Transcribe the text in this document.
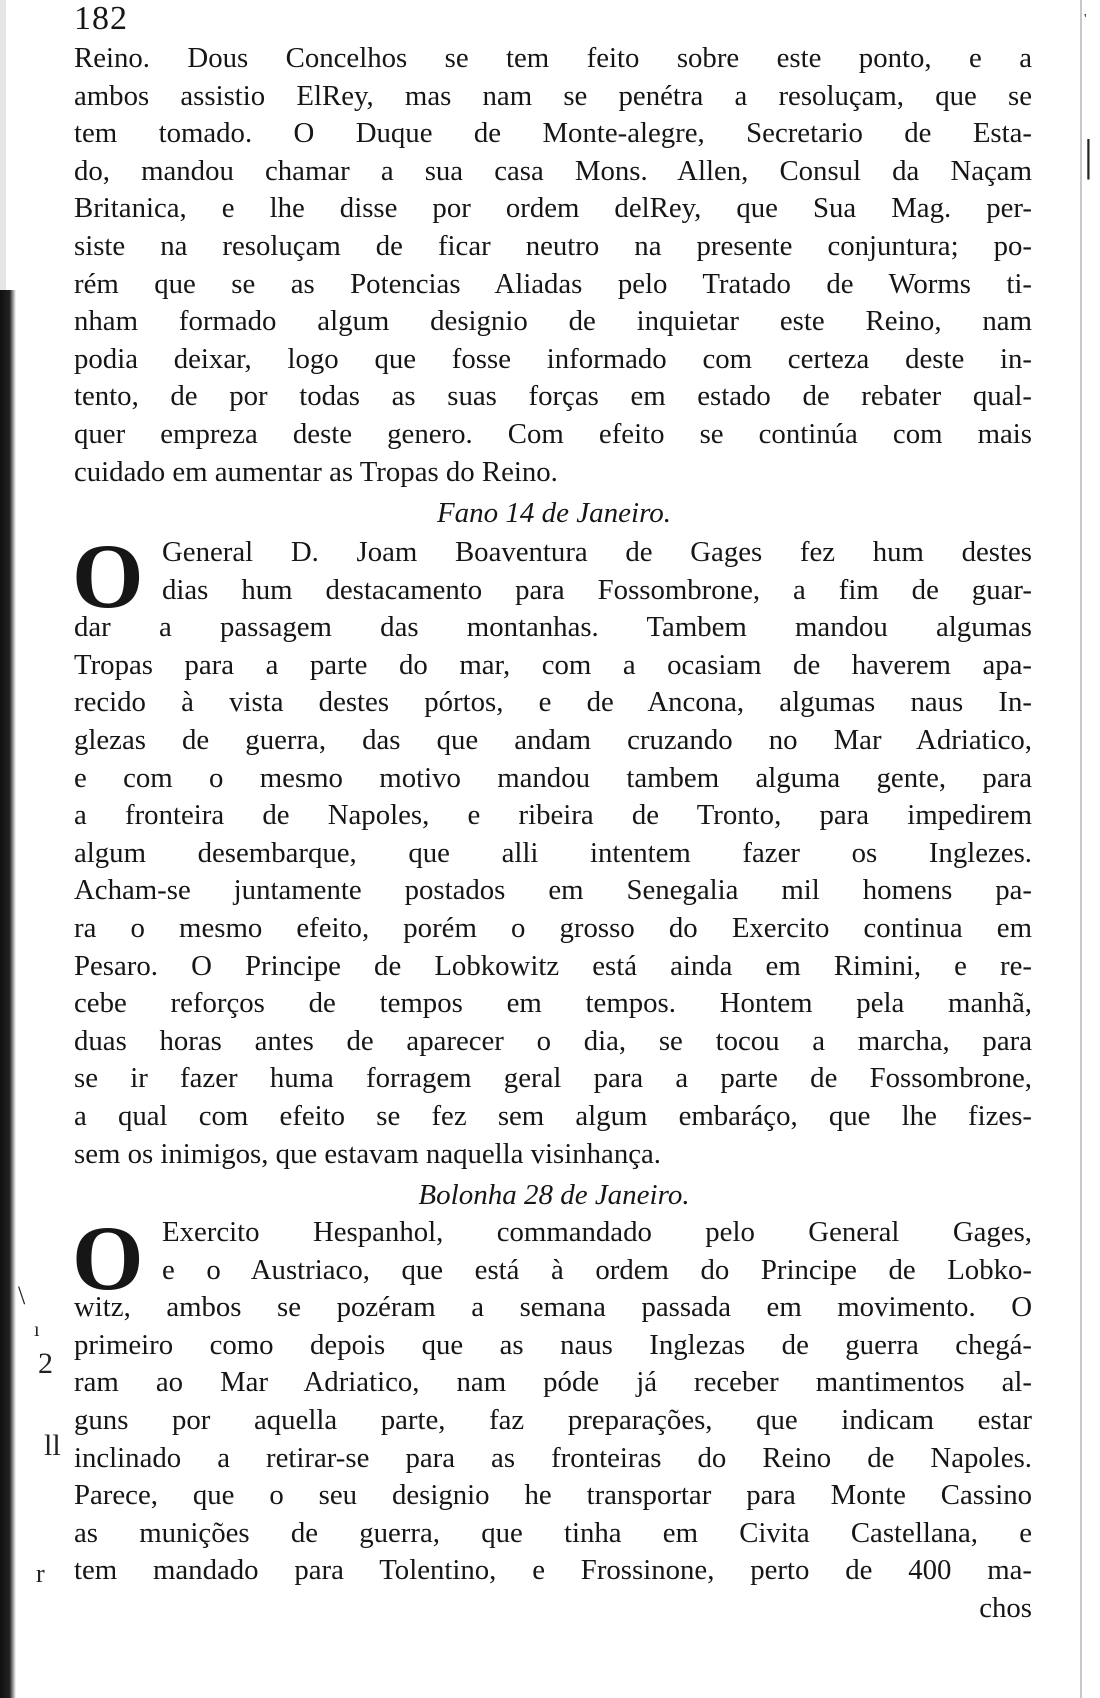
'
|
\
ı
2
ll
r
182
Reino. Dous Concelhos se tem feito sobre este ponto, e a
ambos assistio ElRey, mas nam se penétra a resoluçam, que se
tem tomado. O Duque de Monte-alegre, Secretario de Esta-
do, mandou chamar a sua casa Mons. Allen, Consul da Naçam
Britanica, e lhe disse por ordem delRey, que Sua Mag. per-
siste na resoluçam de ficar neutro na presente conjuntura; po-
rém que se as Potencias Aliadas pelo Tratado de Worms ti-
nham formado algum designio de inquietar este Reino, nam
podia deixar, logo que fosse informado com certeza deste in-
tento, de por todas as suas forças em estado de rebater qual-
quer empreza deste genero. Com efeito se continúa com mais
cuidado em aumentar as Tropas do Reino.
Fano 14 de Janeiro.
O General D. Joam Boaventura de Gages fez hum destes
dias hum destacamento para Fossombrone, a fim de guar-
dar a passagem das montanhas. Tambem mandou algumas
Tropas para a parte do mar, com a ocasiam de haverem apa-
recido à vista destes pórtos, e de Ancona, algumas naus In-
glezas de guerra, das que andam cruzando no Mar Adriatico,
e com o mesmo motivo mandou tambem alguma gente, para
a fronteira de Napoles, e ribeira de Tronto, para impedirem
algum desembarque, que alli intentem fazer os Inglezes.
Acham-se juntamente postados em Senegalia mil homens pa-
ra o mesmo efeito, porém o grosso do Exercito continua em
Pesaro. O Principe de Lobkowitz está ainda em Rimini, e re-
cebe reforços de tempos em tempos. Hontem pela manhã,
duas horas antes de aparecer o dia, se tocou a marcha, para
se ir fazer huma forragem geral para a parte de Fossombrone,
a qual com efeito se fez sem algum embaráço, que lhe fizes-
sem os inimigos, que estavam naquella visinhança.
Bolonha 28 de Janeiro.
O Exercito Hespanhol, commandado pelo General Gages,
e o Austriaco, que está à ordem do Principe de Lobko-
witz, ambos se pozéram a semana passada em movimento. O
primeiro como depois que as naus Inglezas de guerra chegá-
ram ao Mar Adriatico, nam póde já receber mantimentos al-
guns por aquella parte, faz preparações, que indicam estar
inclinado a retirar-se para as fronteiras do Reino de Napoles.
Parece, que o seu designio he transportar para Monte Cassino
as munições de guerra, que tinha em Civita Castellana, e
tem mandado para Tolentino, e Frossinone, perto de 400 ma-
chos
